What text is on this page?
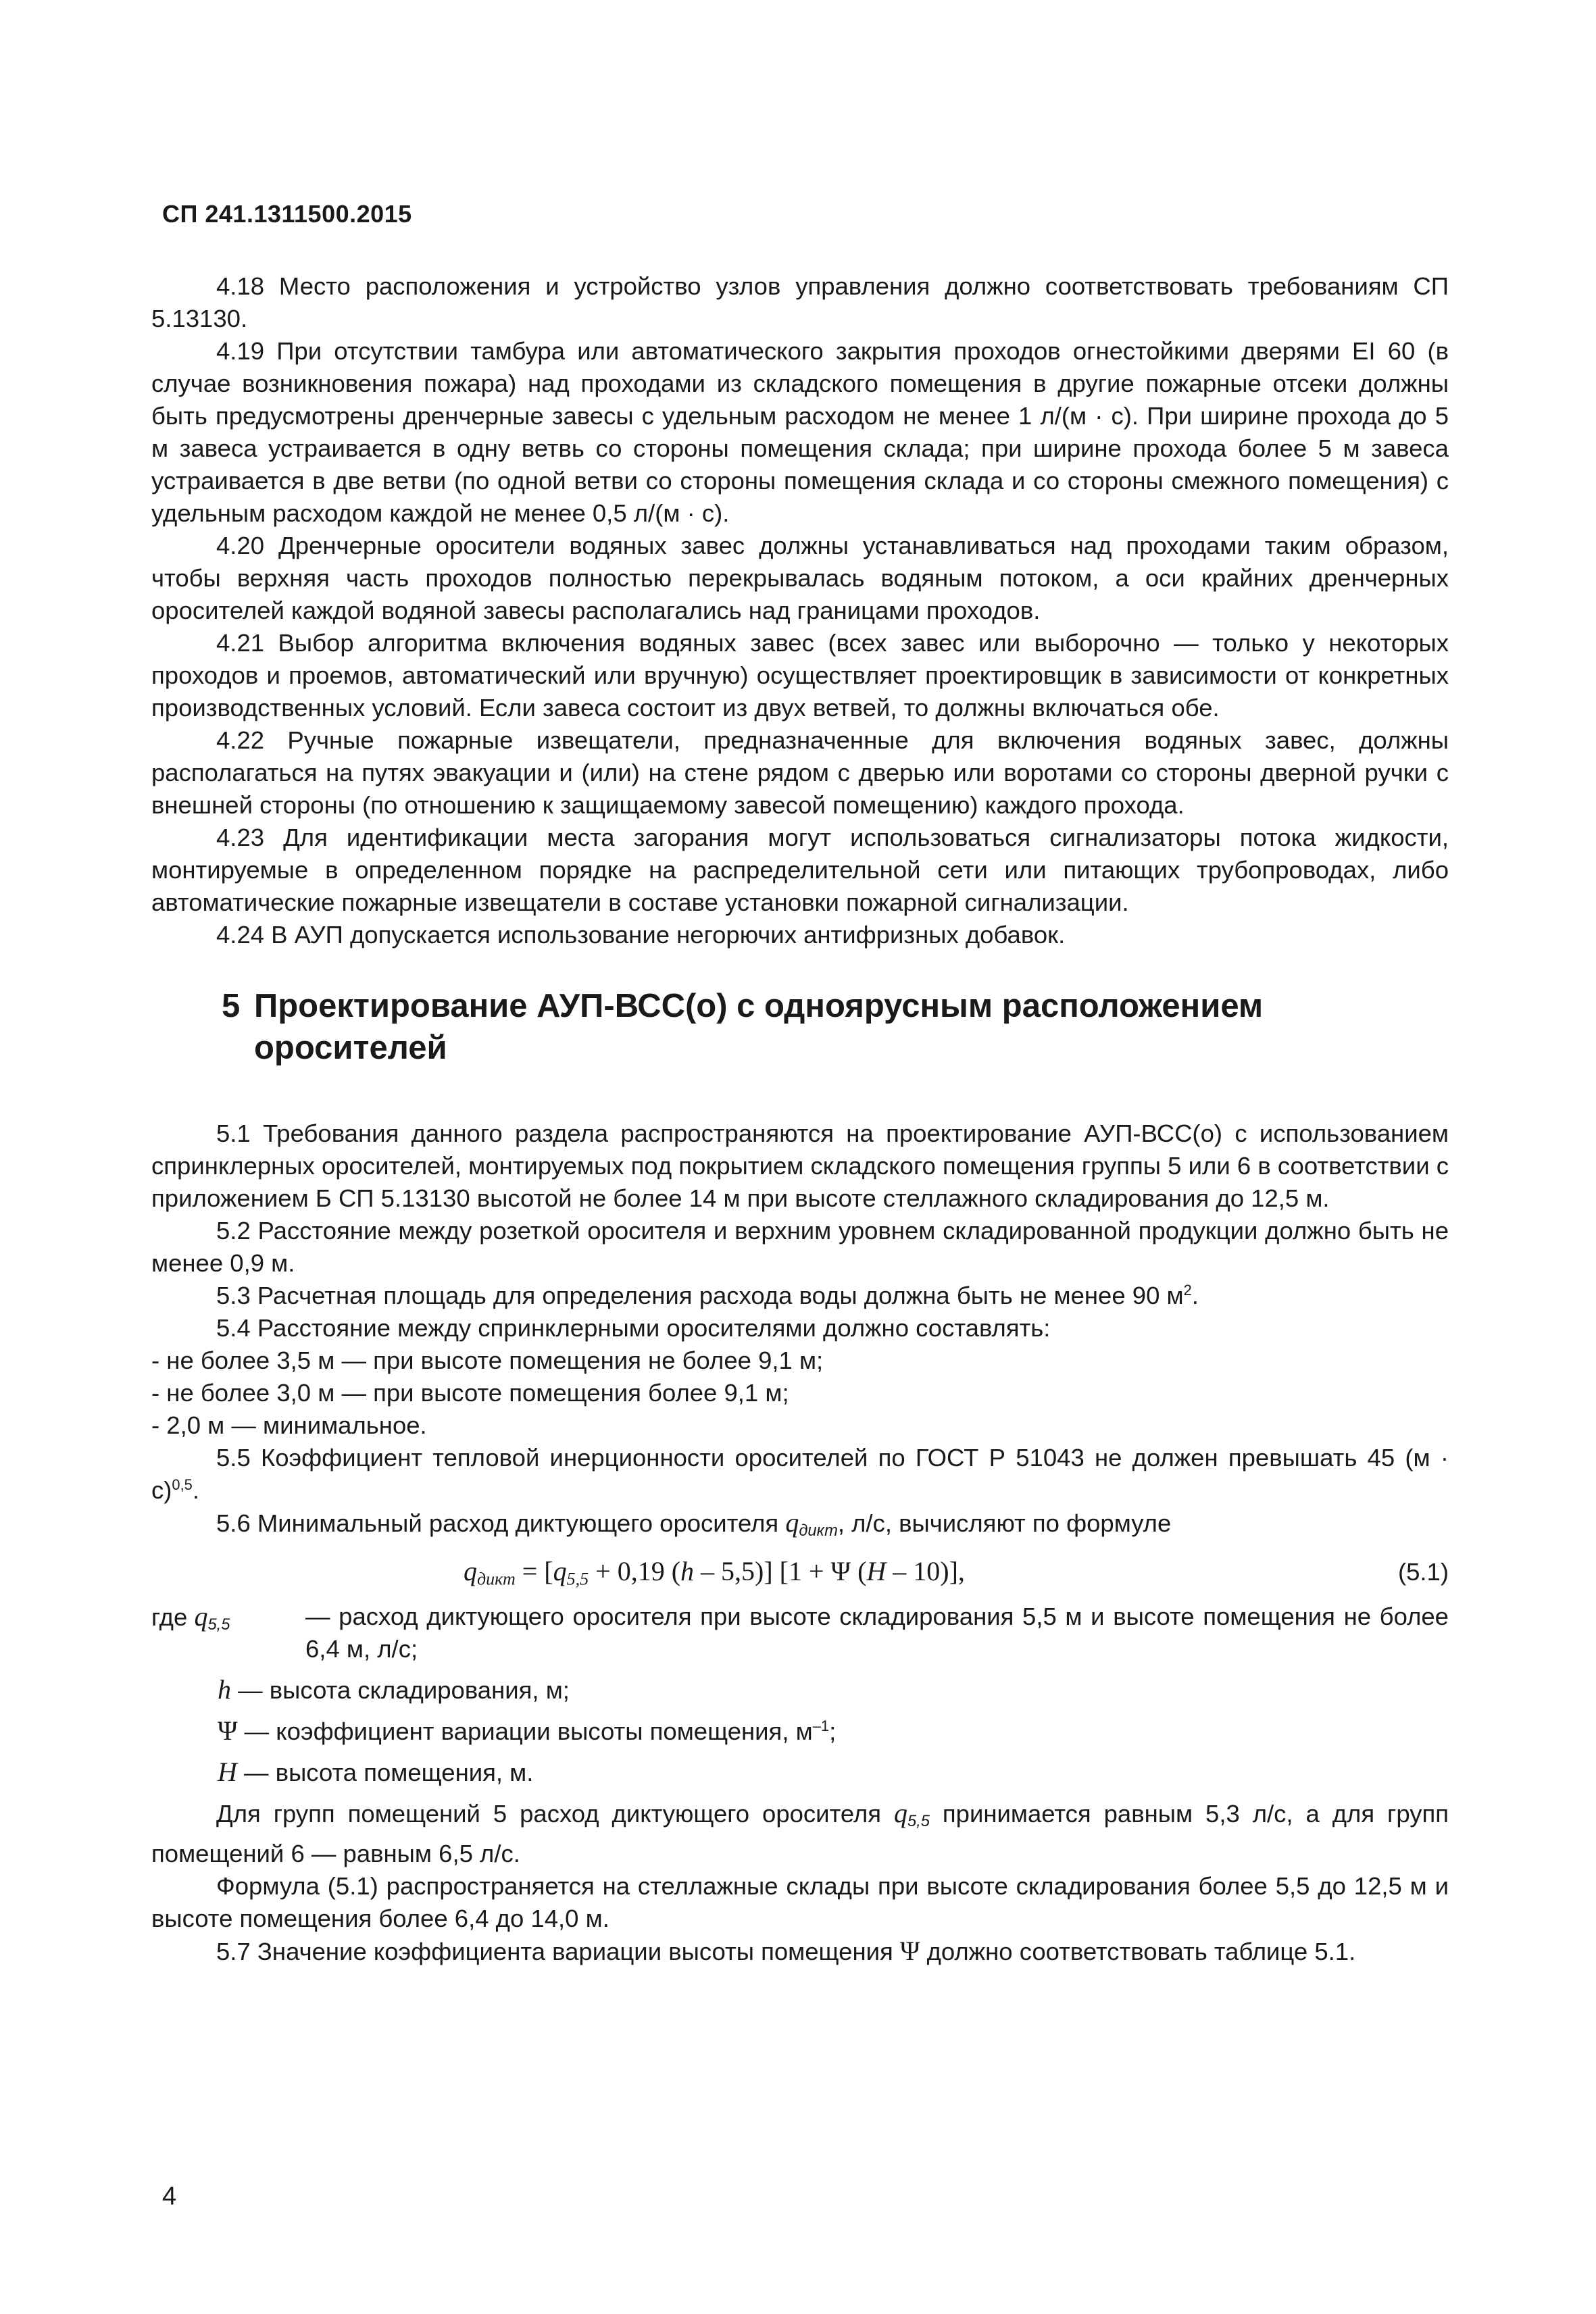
СП 241.1311500.2015

4.18 Место расположения и устройство узлов управления должно соответствовать требованиям СП 5.13130.

4.19 При отсутствии тамбура или автоматического закрытия проходов огнестойкими дверями EI 60 (в случае возникновения пожара) над проходами из складского помещения в другие пожарные отсеки должны быть предусмотрены дренчерные завесы с удельным расходом не менее 1 л/(м · с). При ширине прохода до 5 м завеса устраивается в одну ветвь со стороны помещения склада; при ширине прохода более 5 м завеса устраивается в две ветви (по одной ветви со стороны помещения склада и со стороны смежного помещения) с удельным расходом каждой не менее 0,5 л/(м · с).

4.20 Дренчерные оросители водяных завес должны устанавливаться над проходами таким образом, чтобы верхняя часть проходов полностью перекрывалась водяным потоком, а оси крайних дренчерных оросителей каждой водяной завесы располагались над границами проходов.

4.21 Выбор алгоритма включения водяных завес (всех завес или выборочно — только у некоторых проходов и проемов, автоматический или вручную) осуществляет проектировщик в зависимости от конкретных производственных условий. Если завеса состоит из двух ветвей, то должны включаться обе.

4.22 Ручные пожарные извещатели, предназначенные для включения водяных завес, должны располагаться на путях эвакуации и (или) на стене рядом с дверью или воротами со стороны дверной ручки с внешней стороны (по отношению к защищаемому завесой помещению) каждого прохода.

4.23 Для идентификации места загорания могут использоваться сигнализаторы потока жидкости, монтируемые в определенном порядке на распределительной сети или питающих трубопроводах, либо автоматические пожарные извещатели в составе установки пожарной сигнализации.

4.24 В АУП допускается использование негорючих антифризных добавок.

5 Проектирование АУП-ВСС(о) с одноярусным расположением оросителей

5.1 Требования данного раздела распространяются на проектирование АУП-ВСС(о) с использованием спринклерных оросителей, монтируемых под покрытием складского помещения группы 5 или 6 в соответствии с приложением Б СП 5.13130 высотой не более 14 м при высоте стеллажного складирования до 12,5 м.

5.2 Расстояние между розеткой оросителя и верхним уровнем складированной продукции должно быть не менее 0,9 м.

5.3 Расчетная площадь для определения расхода воды должна быть не менее 90 $м^2$.

5.4 Расстояние между спринклерными оросителями должно составлять:

- не более 3,5 м — при высоте помещения не более 9,1 м;

- не более 3,0 м — при высоте помещения более 9,1 м;

- 2,0 м — минимальное.

5.5 Коэффициент тепловой инерционности оросителей по ГОСТ Р 51043 не должен превышать 45 $(м \cdot с)^{0,5}$.

5.6 Минимальный расход диктующего оросителя $q_{дикт}$, л/с, вычисляют по формуле

$q_{дикт} = [q_{5,5} + 0,19$ (h – 5,5)] [1 + Ψ (H – 10)],	(5.1)
где $q_{5,5}$	— расход диктующего оросителя при высоте складирования 5,5 м и высоте помещения не более 6,4 м, л/с;
h — высота складирования, м;
Ψ — коэффициент вариации высоты помещения, $м^{-1}$;
H — высота помещения, м.

Для групп помещений 5 расход диктующего оросителя $q_{5,5}$ принимается равным 5,3 л/с, а для групп помещений 6 — равным 6,5 л/с.

Формула (5.1) распространяется на стеллажные склады при высоте складирования более 5,5 до 12,5 м и высоте помещения более 6,4 до 14,0 м.

5.7 Значение коэффициента вариации высоты помещения Ψ должно соответствовать таблице 5.1.

4
